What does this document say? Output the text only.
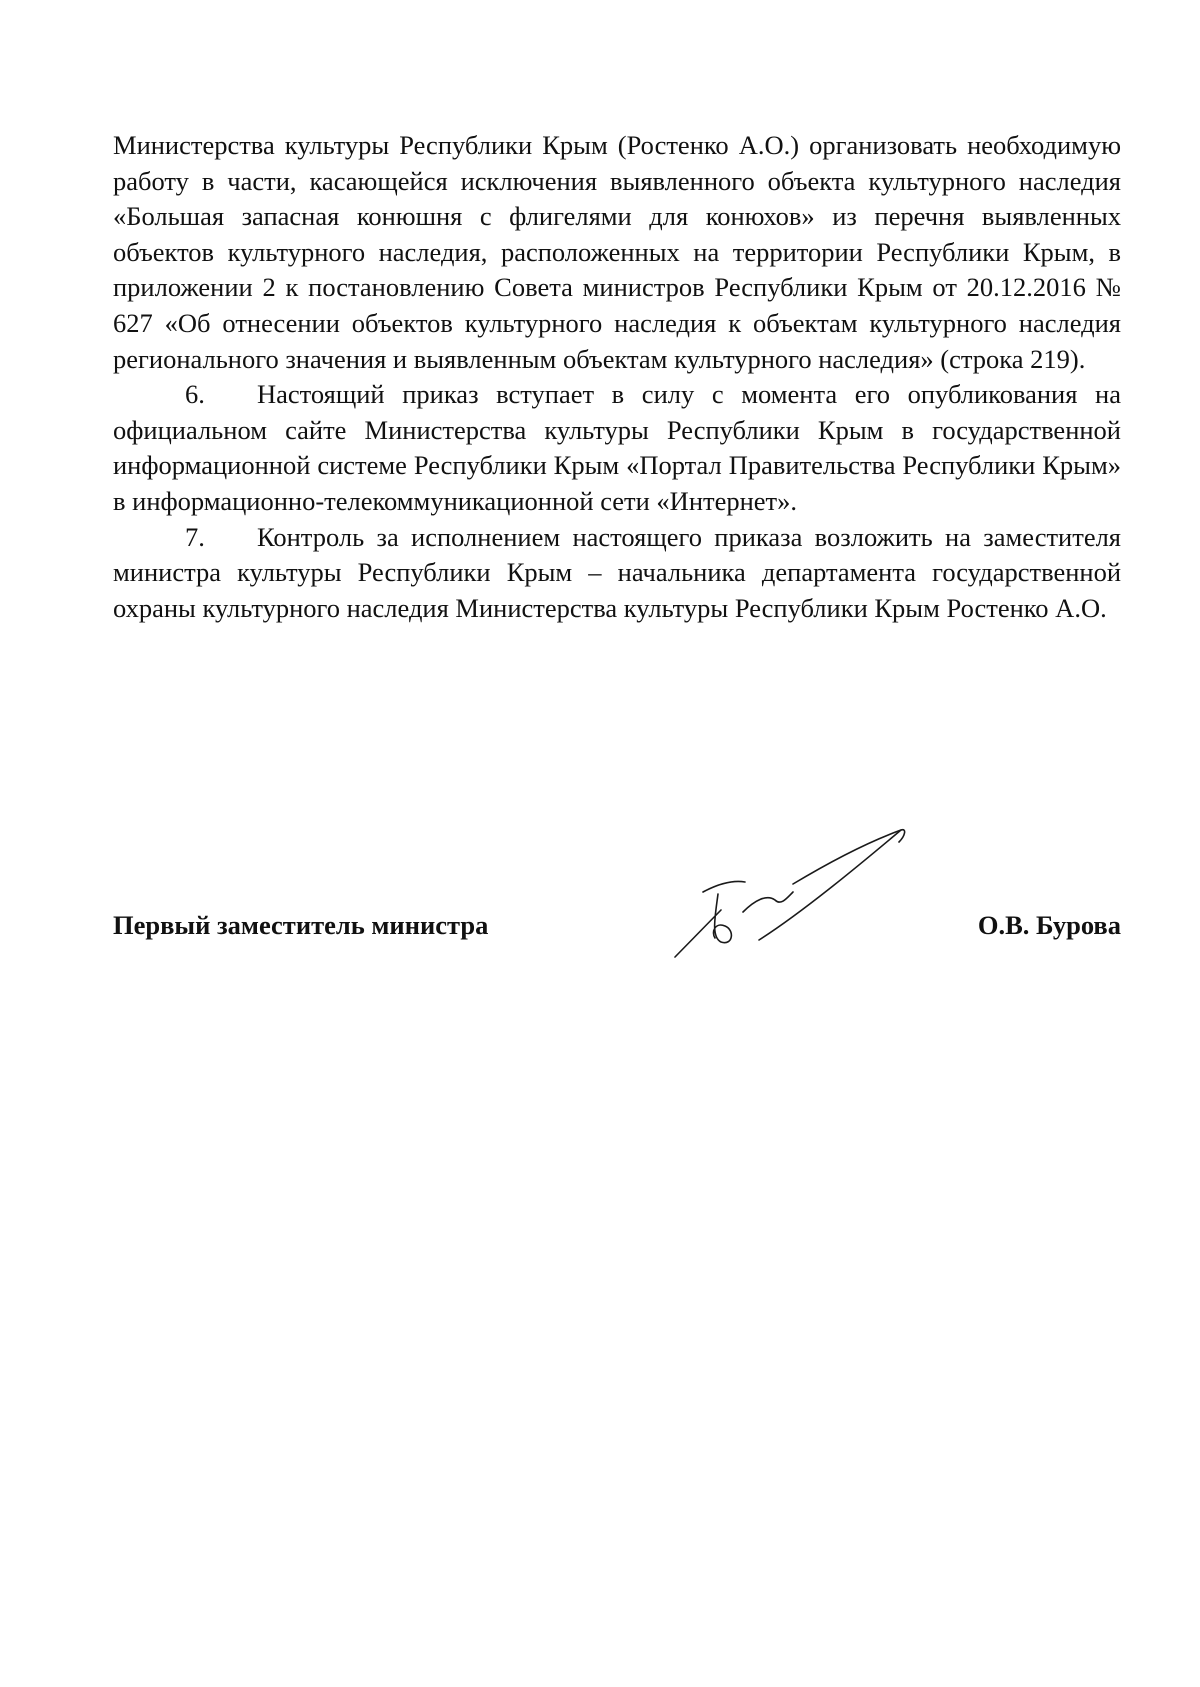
Министерства культуры Республики Крым (Ростенко А.О.) организовать необходимую работу в части, касающейся исключения выявленного объекта культурного наследия «Большая запасная конюшня с флигелями для конюхов» из перечня выявленных объектов культурного наследия, расположенных на территории Республики Крым, в приложении 2 к постановлению Совета министров Республики Крым от 20.12.2016 № 627 «Об отнесении объектов культурного наследия к объектам культурного наследия регионального значения и выявленным объектам культурного наследия» (строка 219).

6. Настоящий приказ вступает в силу с момента его опубликования на официальном сайте Министерства культуры Республики Крым в государственной информационной системе Республики Крым «Портал Правительства Республики Крым» в информационно-телекоммуникационной сети «Интернет».

7. Контроль за исполнением настоящего приказа возложить на заместителя министра культуры Республики Крым – начальника департамента государственной охраны культурного наследия Министерства культуры Республики Крым Ростенко А.О.

Первый заместитель министра	О.В. Бурова
